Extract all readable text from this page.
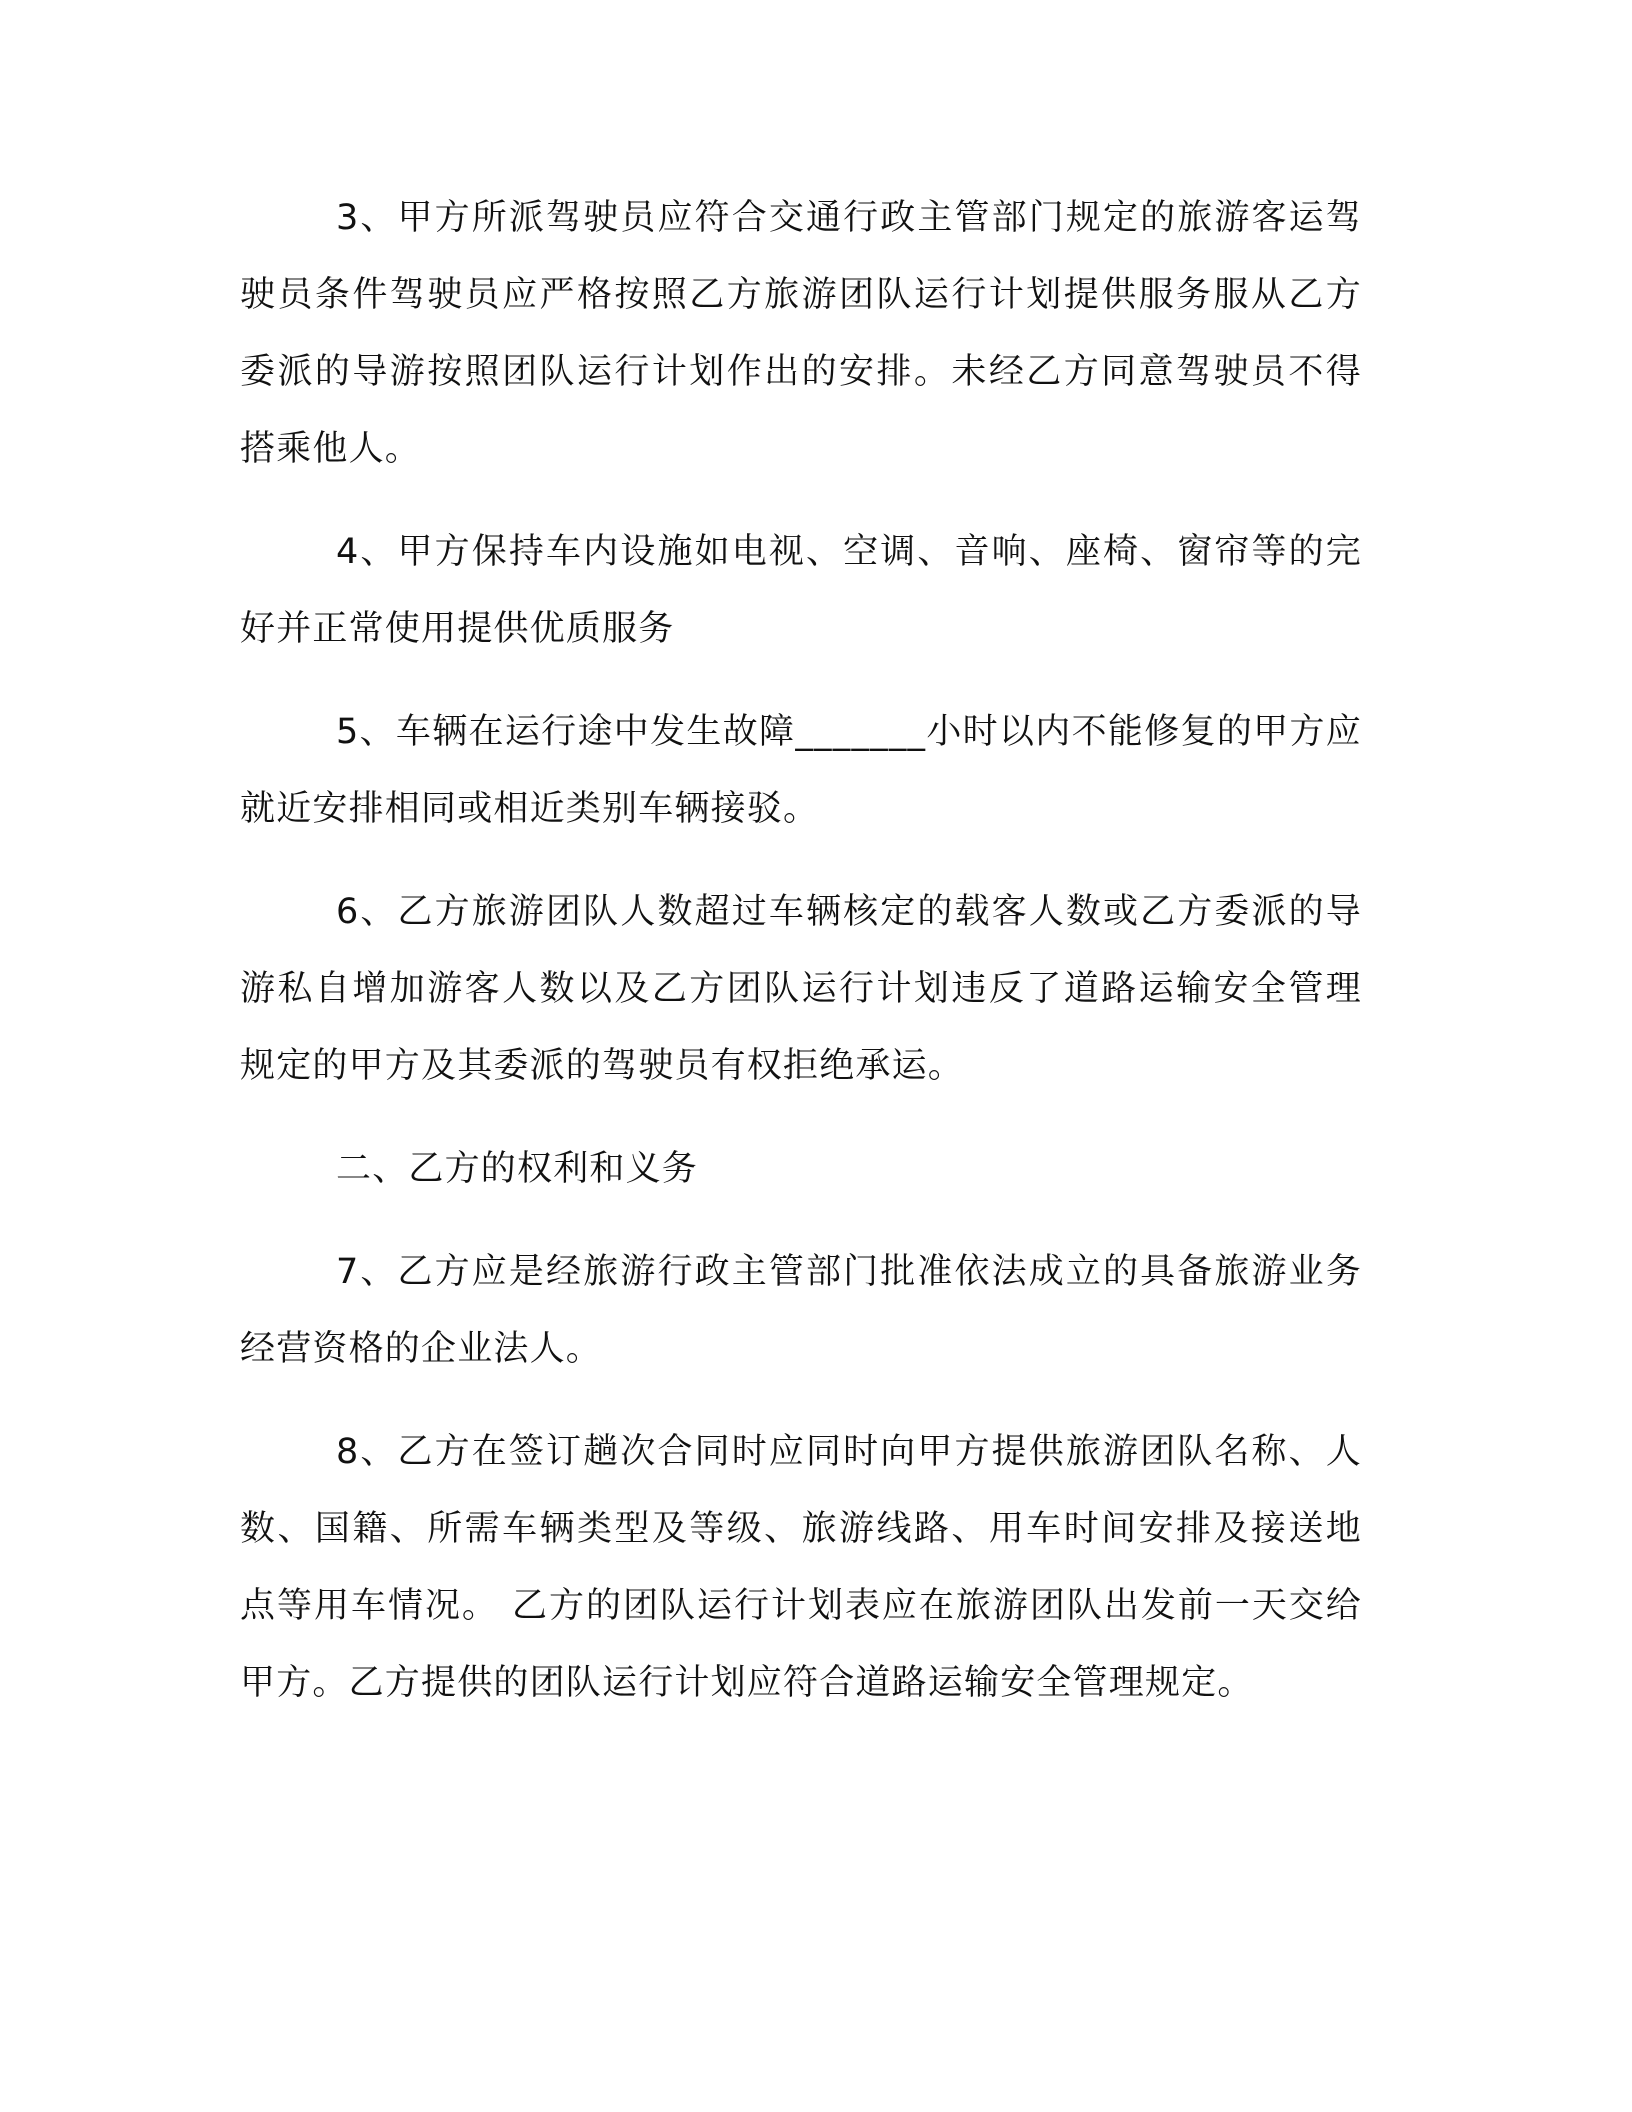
3、甲方所派驾驶员应符合交通行政主管部门规定的旅游客运驾驶员条件驾驶员应严格按照乙方旅游团队运行计划提供服务服从乙方委派的导游按照团队运行计划作出的安排。未经乙方同意驾驶员不得搭乘他人。

4、甲方保持车内设施如电视、空调、音响、座椅、窗帘等的完好并正常使用提供优质服务

5、车辆在运行途中发生故障_______小时以内不能修复的甲方应就近安排相同或相近类别车辆接驳。

6、乙方旅游团队人数超过车辆核定的载客人数或乙方委派的导游私自增加游客人数以及乙方团队运行计划违反了道路运输安全管理规定的甲方及其委派的驾驶员有权拒绝承运。

二、乙方的权利和义务

7、乙方应是经旅游行政主管部门批准依法成立的具备旅游业务经营资格的企业法人。

8、乙方在签订趟次合同时应同时向甲方提供旅游团队名称、人数、国籍、所需车辆类型及等级、旅游线路、用车时间安排及接送地点等用车情况。 乙方的团队运行计划表应在旅游团队出发前一天交给甲方。乙方提供的团队运行计划应符合道路运输安全管理规定。
